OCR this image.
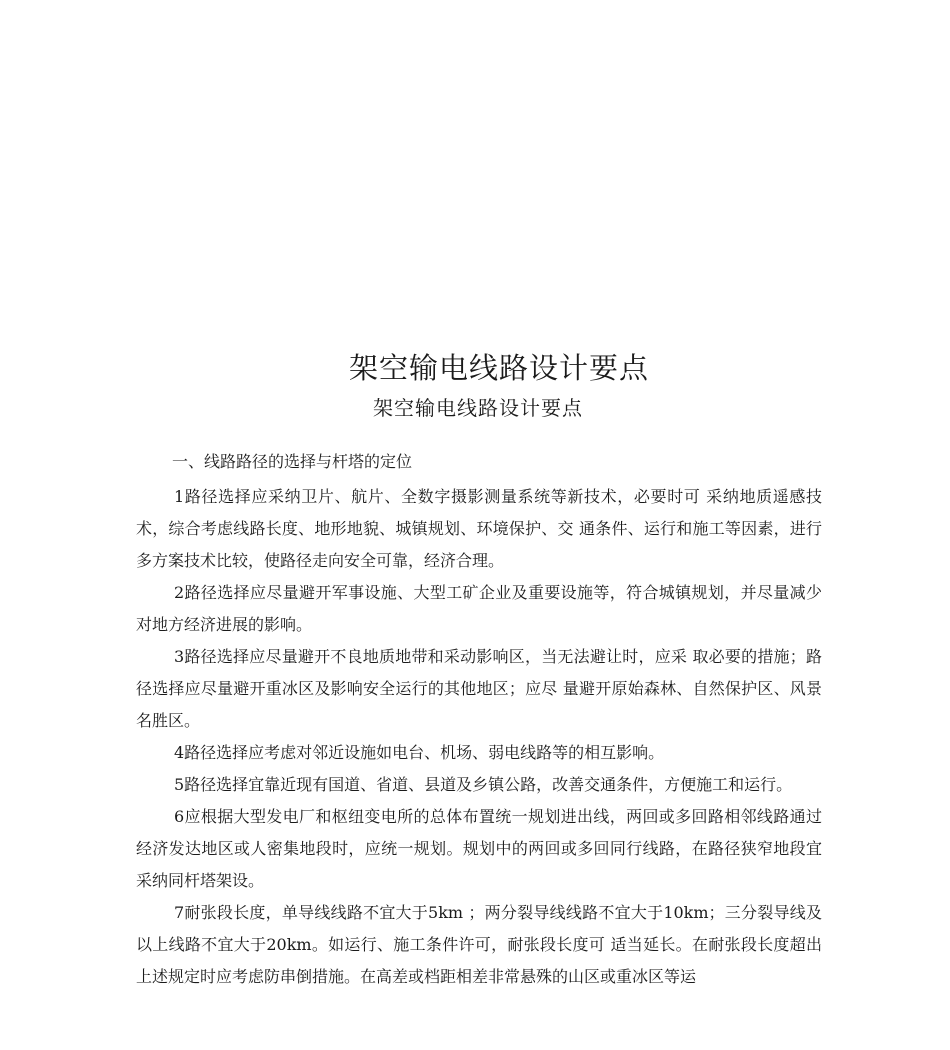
架空输电线路设计要点
架空输电线路设计要点

一、线路路径的选择与杆塔的定位

1路径选择应采纳卫片、航片、全数字摄影测量系统等新技术，必要时可 采纳地质遥感技术，综合考虑线路长度、地形地貌、城镇规划、环境保护、交 通条件、运行和施工等因素，进行多方案技术比较，使路径走向安全可靠，经济合理。

2路径选择应尽量避开军事设施、大型工矿企业及重要设施等，符合城镇规划，并尽量减少对地方经济进展的影响。

3路径选择应尽量避开不良地质地带和采动影响区，当无法避让时，应采 取必要的措施；路径选择应尽量避开重冰区及影响安全运行的其他地区；应尽 量避开原始森林、自然保护区、风景名胜区。

4路径选择应考虑对邻近设施如电台、机场、弱电线路等的相互影响。

5路径选择宜靠近现有国道、省道、县道及乡镇公路，改善交通条件，方便施工和运行。

6应根据大型发电厂和枢纽变电所的总体布置统一规划进出线，两回或多回路相邻线路通过经济发达地区或人密集地段时，应统一规划。规划中的两回或多回同行线路，在路径狭窄地段宜采纳同杆塔架设。

7耐张段长度，单导线线路不宜大于5km ；两分裂导线线路不宜大于10km；三分裂导线及以上线路不宜大于20km。如运行、施工条件许可，耐张段长度可 适当延长。在耐张段长度超出上述规定时应考虑防串倒措施。在高差或档距相差非常悬殊的山区或重冰区等运
